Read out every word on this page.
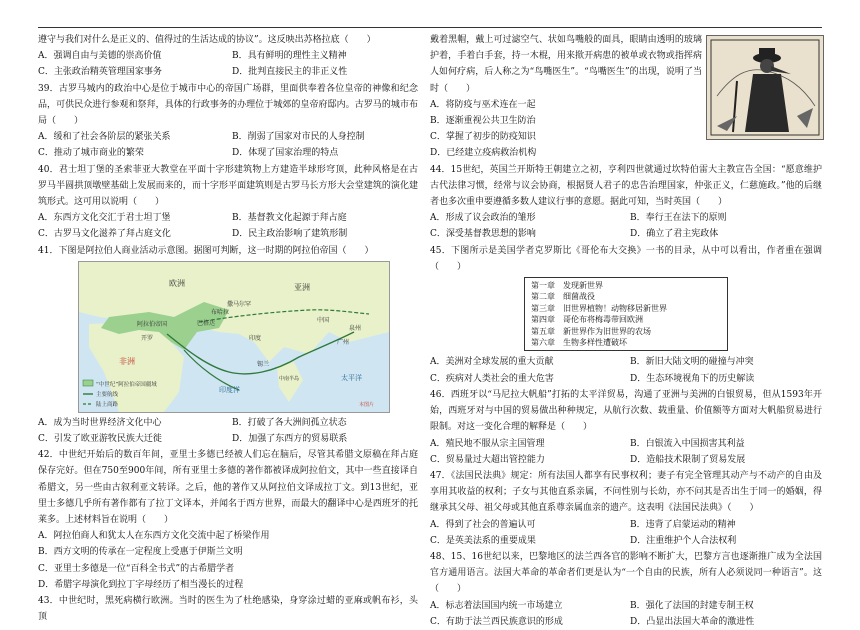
遵守与我们对什么是正义的、值得过的生活达成的协议”。这反映出苏格拉底（　　）

A．强调自由与美德的崇高价值	B．具有鲜明的理性主义精神
C．主张政治精英管理国家事务	D．批判直接民主的非正义性

39．古罗马城内的政治中心是位于城市中心的帝国广场群，里面供奉着各位皇帝的神像和纪念品，可供民众进行参观和祭拜，具体的行政事务的办理位于城郊的皇帝府邸内。古罗马的城市布局（　　）

A．缓和了社会各阶层的紧张关系	B．削弱了国家对市民的人身控制
C．推动了城市商业的繁荣	D．体现了国家治理的特点

40．君士坦丁堡的圣索菲亚大教堂在平面十字形建筑物上方建造半球形穹顶，此种风格是在古罗马半圆拱顶墩壁基础上发展而来的，而十字形平面建筑则是古罗马长方形大会堂建筑的演化建筑形式。这可用以说明（　　）

A．东西方文化交汇于君士坦丁堡	B．基督教文化起源于拜占庭
C．古罗马文化滋养了拜占庭文化	D．民主政治影响了建筑形制

41．下图是阿拉伯人商业活动示意图。据图可判断，这一时期的阿拉伯帝国（　　）

欧洲	亚洲
非洲
巴格达
阿拉伯帝国
中国
印度
广州
泉州
锡兰
开罗
撒马尔罕
布哈拉
印度洋
太平洋
中南半岛
“中世纪”阿拉伯帝国疆域
主要航线
陆上商路	本图片
A．成为当时世界经济文化中心	B．打破了各大洲间孤立状态
C．引发了欧亚游牧民族大迁徙	D．加强了东西方的贸易联系

42．中世纪开始后的数百年间，亚里士多德已经被人们忘在脑后，尽管其希腊文原稿在拜占庭保存完好。但在750至900年间，所有亚里士多德的著作都被译成阿拉伯文，其中一些直接译自希腊文，另一些由古叙利亚文转译。之后，他的著作又从阿拉伯文译成拉丁文。到13世纪，亚里士多德几乎所有著作都有了拉丁文译本，并闻名于西方世界，而最大的翻译中心是西班牙的托莱多。上述材料旨在说明（　　）

A．阿拉伯商人和犹太人在东西方文化交流中起了桥梁作用
B．西方文明的传承在一定程度上受惠于伊斯兰文明
C．亚里士多德是一位“百科全书式”的古希腊学者
D．希腊字母演化到拉丁字母经历了相当漫长的过程

43．中世纪时，黑死病横行欧洲。当时的医生为了杜绝感染，身穿涂过蜡的亚麻或帆布衫，头顶

戴着黑帽，戴上可过滤空气、状如鸟嘴般的面具，眼睛由透明的玻璃护着，手着白手套，持一木棍，用来揿开病患的被单或衣物或指挥病人如何疗病，后人称之为“鸟嘴医生”。“鸟嘴医生”的出现，说明了当时（　　）

A．将防疫与巫术连在一起
B．逐渐重视公共卫生防治
C．掌握了初步的防疫知识
D．已经建立疫病救治机构

44．15世纪，英国兰开斯特王朝建立之初，亨利四世就通过坎特伯雷大主教宣告全国：“愿意维护古代法律习惯，经常与议会协商，根据贤人君子的忠告治理国家，仲张正义，仁慈施政。”他的后继者也多次重申要遵循多数人建议行事的意愿。据此可知，当时英国（　　）

A．形成了议会政治的雏形	B．奉行王在法下的原则
C．深受基督教思想的影响	D．确立了君主宪政体

45．下图所示是美国学者克罗斯比《哥伦布大交换》一书的目录，从中可以看出，作者重在强调（　　）

第一章　发现新世界
第二章　细菌战役
第三章　旧世界植物！动物移居新世界
第四章　哥伦布将梅毒带回欧洲
第五章　新世界作为旧世界的农场
第六章　生物多样性遭破坏
A．美洲对全球发展的重大贡献	B．新旧大陆文明的碰撞与冲突
C．疾病对人类社会的重大危害	D．生态环境视角下的历史解读

46．西班牙以“马尼拉大帆船”打拓的太平洋贸易，沟通了亚洲与美洲的白银贸易，但从1593年开始，西班牙对与中国的贸易做出种种规定，从航行次数、载重量、价值额等方面对大帆船贸易进行限制。对这一变化合理的解释是（　　）

A．殖民地不服从宗主国管理	B．白银流入中国损害其利益
C．贸易量过大超出管控能力	D．造船技术限制了贸易发展

47．《法国民法典》规定：所有法国人都享有民事权利；妻子有完全管理其动产与不动产的自由及享用其收益的权利；子女与其他直系亲属，不问性别与长幼，亦不问其是否出生于同一的婚姻，得继承其父母、祖父母或其他直系尊亲属血亲的遗产。这表明《法国民法典》（　　）

A．得到了社会的普遍认可	B．违背了启蒙运动的精神
C．是英美法系的重要成果	D．注重维护个人合法权利

48、15、16世纪以来，巴黎地区的法兰西各官的影响不断扩大，巴黎方言也逐渐推广成为全法国官方通用语言。法国大革命的革命者们更是认为“一个自由的民族，所有人必须说同一种语言”。这（　　）

A．标志着法国国内统一市场建立	B．强化了法国的封建专制王权
C．有助于法兰西民族意识的形成	D．凸显出法国大革命的激进性
